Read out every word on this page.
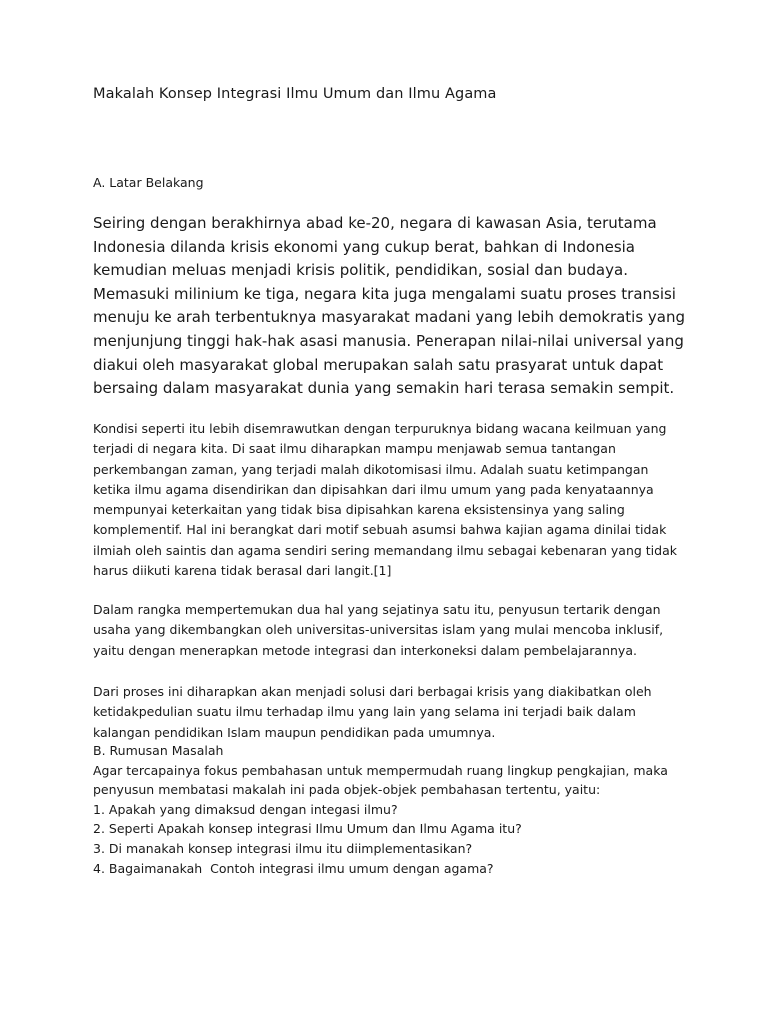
Makalah Konsep Integrasi Ilmu Umum dan Ilmu Agama
A. Latar Belakang
Seiring dengan berakhirnya abad ke-20, negara di kawasan Asia, terutama
Indonesia dilanda krisis ekonomi yang cukup berat, bahkan di Indonesia
kemudian meluas menjadi krisis politik, pendidikan, sosial dan budaya.
Memasuki milinium ke tiga, negara kita juga mengalami suatu proses transisi
menuju ke arah terbentuknya masyarakat madani yang lebih demokratis yang
menjunjung tinggi hak-hak asasi manusia. Penerapan nilai-nilai universal yang
diakui oleh masyarakat global merupakan salah satu prasyarat untuk dapat
bersaing dalam masyarakat dunia yang semakin hari terasa semakin sempit.
Kondisi seperti itu lebih disemrawutkan dengan terpuruknya bidang wacana keilmuan yang
terjadi di negara kita. Di saat ilmu diharapkan mampu menjawab semua tantangan
perkembangan zaman, yang terjadi malah dikotomisasi ilmu. Adalah suatu ketimpangan
ketika ilmu agama disendirikan dan dipisahkan dari ilmu umum yang pada kenyataannya
mempunyai keterkaitan yang tidak bisa dipisahkan karena eksistensinya yang saling
komplementif. Hal ini berangkat dari motif sebuah asumsi bahwa kajian agama dinilai tidak
ilmiah oleh saintis dan agama sendiri sering memandang ilmu sebagai kebenaran yang tidak
harus diikuti karena tidak berasal dari langit.[1]
Dalam rangka mempertemukan dua hal yang sejatinya satu itu, penyusun tertarik dengan
usaha yang dikembangkan oleh universitas-universitas islam yang mulai mencoba inklusif,
yaitu dengan menerapkan metode integrasi dan interkoneksi dalam pembelajarannya.
Dari proses ini diharapkan akan menjadi solusi dari berbagai krisis yang diakibatkan oleh
ketidakpedulian suatu ilmu terhadap ilmu yang lain yang selama ini terjadi baik dalam
kalangan pendidikan Islam maupun pendidikan pada umumnya.
B. Rumusan Masalah
Agar tercapainya fokus pembahasan untuk mempermudah ruang lingkup pengkajian, maka
penyusun membatasi makalah ini pada objek-objek pembahasan tertentu, yaitu:
1. Apakah yang dimaksud dengan integasi ilmu?
2. Seperti Apakah konsep integrasi Ilmu Umum dan Ilmu Agama itu?
3. Di manakah konsep integrasi ilmu itu diimplementasikan?
4. Bagaimanakah  Contoh integrasi ilmu umum dengan agama?
